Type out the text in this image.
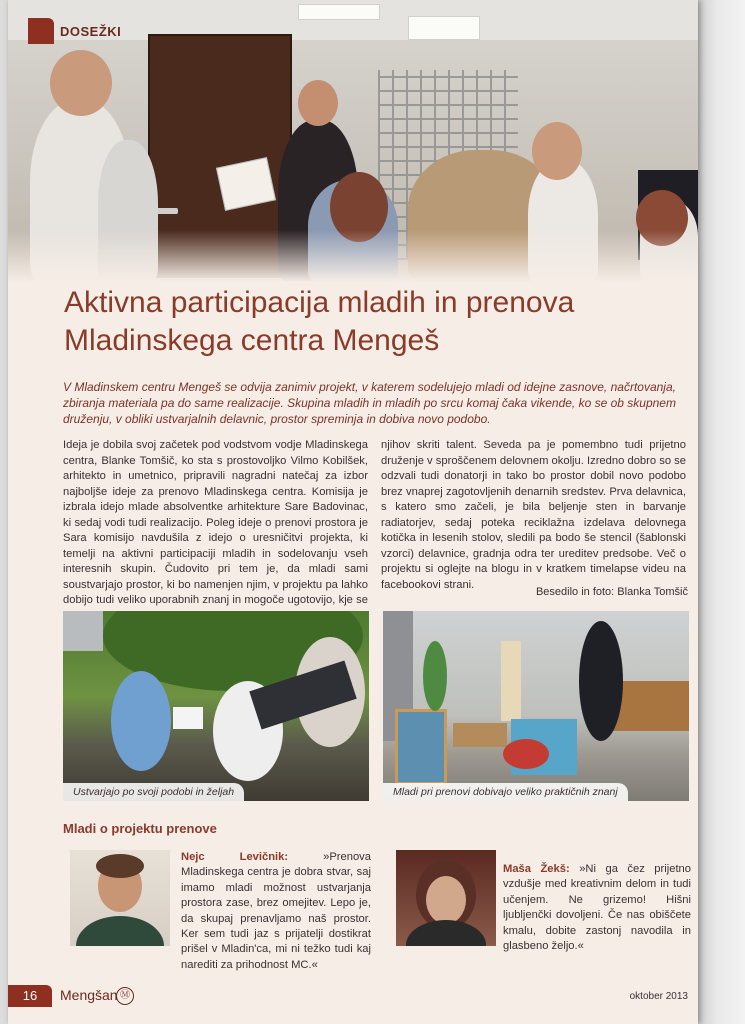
DOSEŽKI
Aktivna participacija mladih in prenova
Mladinskega centra Mengeš
V Mladinskem centru Mengeš se odvija zanimiv projekt, v katerem sodelujejo mladi od idejne zasnove, načrtovanja, zbiranja materiala pa do same realizacije. Skupina mladih in mladih po srcu komaj čaka vikende, ko se ob skupnem druženju, v obliki ustvarjalnih delavnic, prostor spreminja in dobiva novo podobo.
Ideja je dobila svoj začetek pod vodstvom vodje Mladinskega centra, Blanke Tomšič, ko sta s prostovoljko Vilmo Kobilšek, arhitekto in umetnico, pripravili nagradni natečaj za izbor najboljše ideje za prenovo Mladinskega centra. Komisija je izbrala idejo mlade absolventke arhitekture Sare Badovinac, ki sedaj vodi tudi realizacijo. Poleg ideje o prenovi prostora je Sara komisijo navdušila z idejo o uresničitvi projekta, ki temelji na aktivni participaciji mladih in sodelovanju vseh interesnih skupin. Čudovito pri tem je, da mladi sami soustvarjajo prostor, ki bo namenjen njim, v projektu pa lahko dobijo tudi veliko uporabnih znanj in mogoče ugotovijo, kje se
njihov skriti talent. Seveda pa je pomembno tudi prijetno druženje v sproščenem delovnem okolju. Izredno dobro so se odzvali tudi donatorji in tako bo prostor dobil novo podobo brez vnaprej zagotovljenih denarnih sredstev. Prva delavnica, s katero smo začeli, je bila beljenje sten in barvanje radiatorjev, sedaj poteka reciklažna izdelava delovnega kotička in lesenih stolov, sledili pa bodo še stencil (šablonski vzorci) delavnice, gradnja odra ter ureditev predsobe. Več o projektu si oglejte na blogu in v kratkem timelapse videu na facebookovi strani.
Besedilo in foto: Blanka Tomšič
Ustvarjajo po svoji podobi in željah	Mladi pri prenovi dobivajo veliko praktičnih znanj
Mladi o projektu prenove
Nejc Levičnik:	»Prenova Mladinskega centra je dobra stvar, saj imamo mladi možnost ustvarjanja prostora zase, brez omejitev. Lepo je, da skupaj prenavljamo naš prostor. Ker sem tudi jaz s prijatelji dostikrat prišel v Mladin'ca, mi ni težko tudi kaj narediti za prihodnost MC.«
Maša Žekš: »Ni ga čez prijetno vzdušje med kreativnim delom in tudi učenjem. Ne grizemo! Hišni ljubljenčki dovoljeni. Če nas obiščete kmalu, dobite zastonj navodila in glasbeno željo.«
16	Mengšan Ⓜ	oktober 2013
